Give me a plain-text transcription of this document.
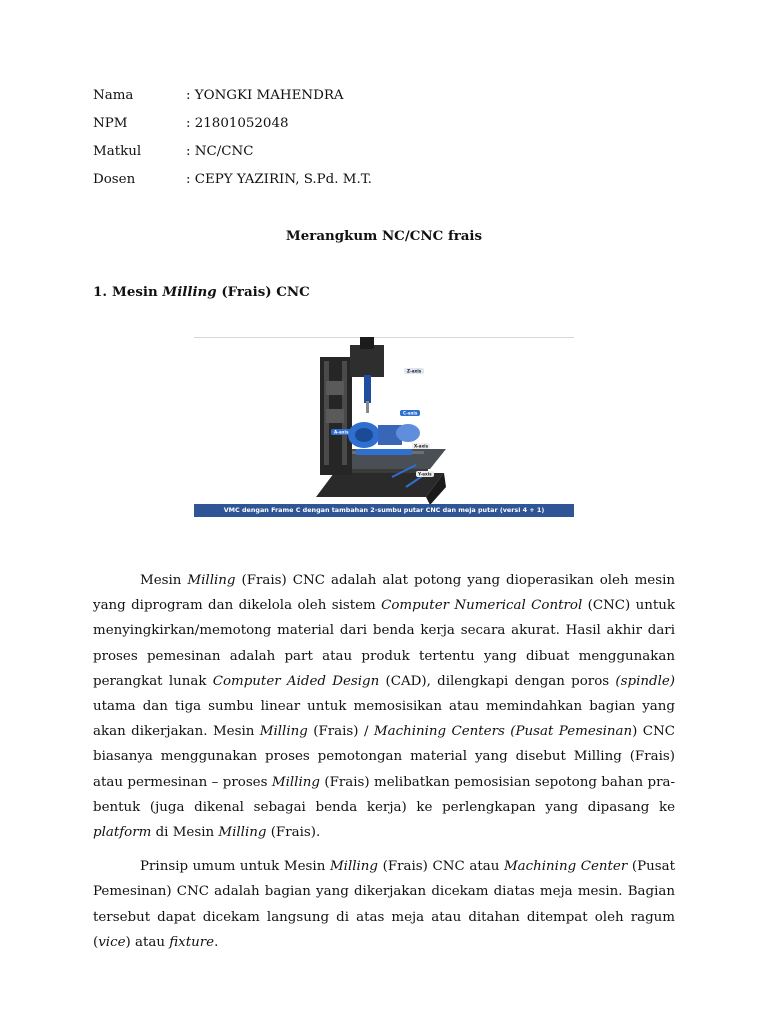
Nama	: YONGKI MAHENDRA
NPM	: 21801052048
Matkul	: NC/CNC
Dosen	: CEPY YAZIRIN, S.Pd. M.T.
Merangkum NC/CNC frais
1. Mesin Milling (Frais) CNC
Z-axis
C-axis
A-axis
X-axis
Y-axis
VMC dengan Frame C dengan tambahan 2-sumbu putar CNC dan meja putar (versi 4 + 1)

Mesin Milling (Frais) CNC adalah alat potong yang dioperasikan oleh mesin yang diprogram dan dikelola oleh sistem Computer Numerical Control (CNC) untuk menyingkirkan/memotong material dari benda kerja secara akurat. Hasil akhir dari proses pemesinan adalah part atau produk tertentu yang dibuat menggunakan perangkat lunak Computer Aided Design (CAD), dilengkapi dengan poros (spindle) utama dan tiga sumbu linear untuk memosisikan atau memindahkan bagian yang akan dikerjakan. Mesin Milling (Frais) / Machining Centers (Pusat Pemesinan) CNC biasanya menggunakan proses pemotongan material yang disebut Milling (Frais) atau permesinan – proses Milling (Frais) melibatkan pemosisian sepotong bahan pra-bentuk (juga dikenal sebagai benda kerja) ke perlengkapan yang dipasang ke platform di Mesin Milling (Frais).

Prinsip umum untuk Mesin Milling (Frais) CNC atau Machining Center (Pusat Pemesinan) CNC adalah bagian yang dikerjakan dicekam diatas meja mesin. Bagian tersebut dapat dicekam langsung di atas meja atau ditahan ditempat oleh ragum (vice) atau fixture.
